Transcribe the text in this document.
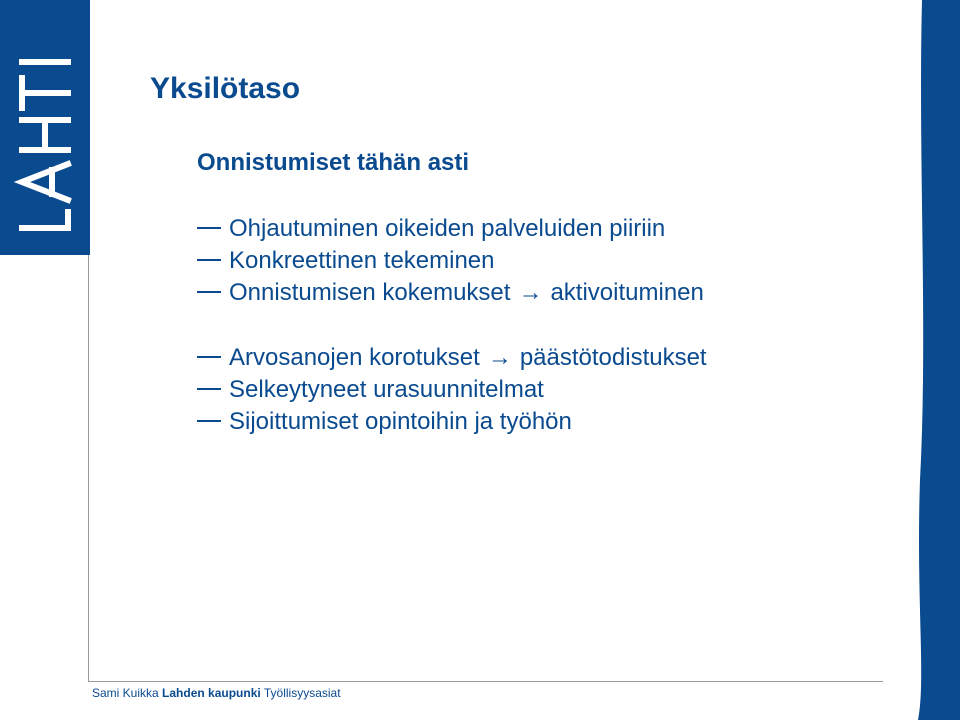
Yksilötaso
Onnistumiset tähän asti
Ohjautuminen oikeiden palveluiden piiriin
Konkreettinen tekeminen
Onnistumisen kokemukset → aktivoituminen
Arvosanojen korotukset → päästötodistukset
Selkeytyneet urasuunnitelmat
Sijoittumiset opintoihin ja työhön
Sami Kuikka Lahden kaupunki Työllisyysasiat
